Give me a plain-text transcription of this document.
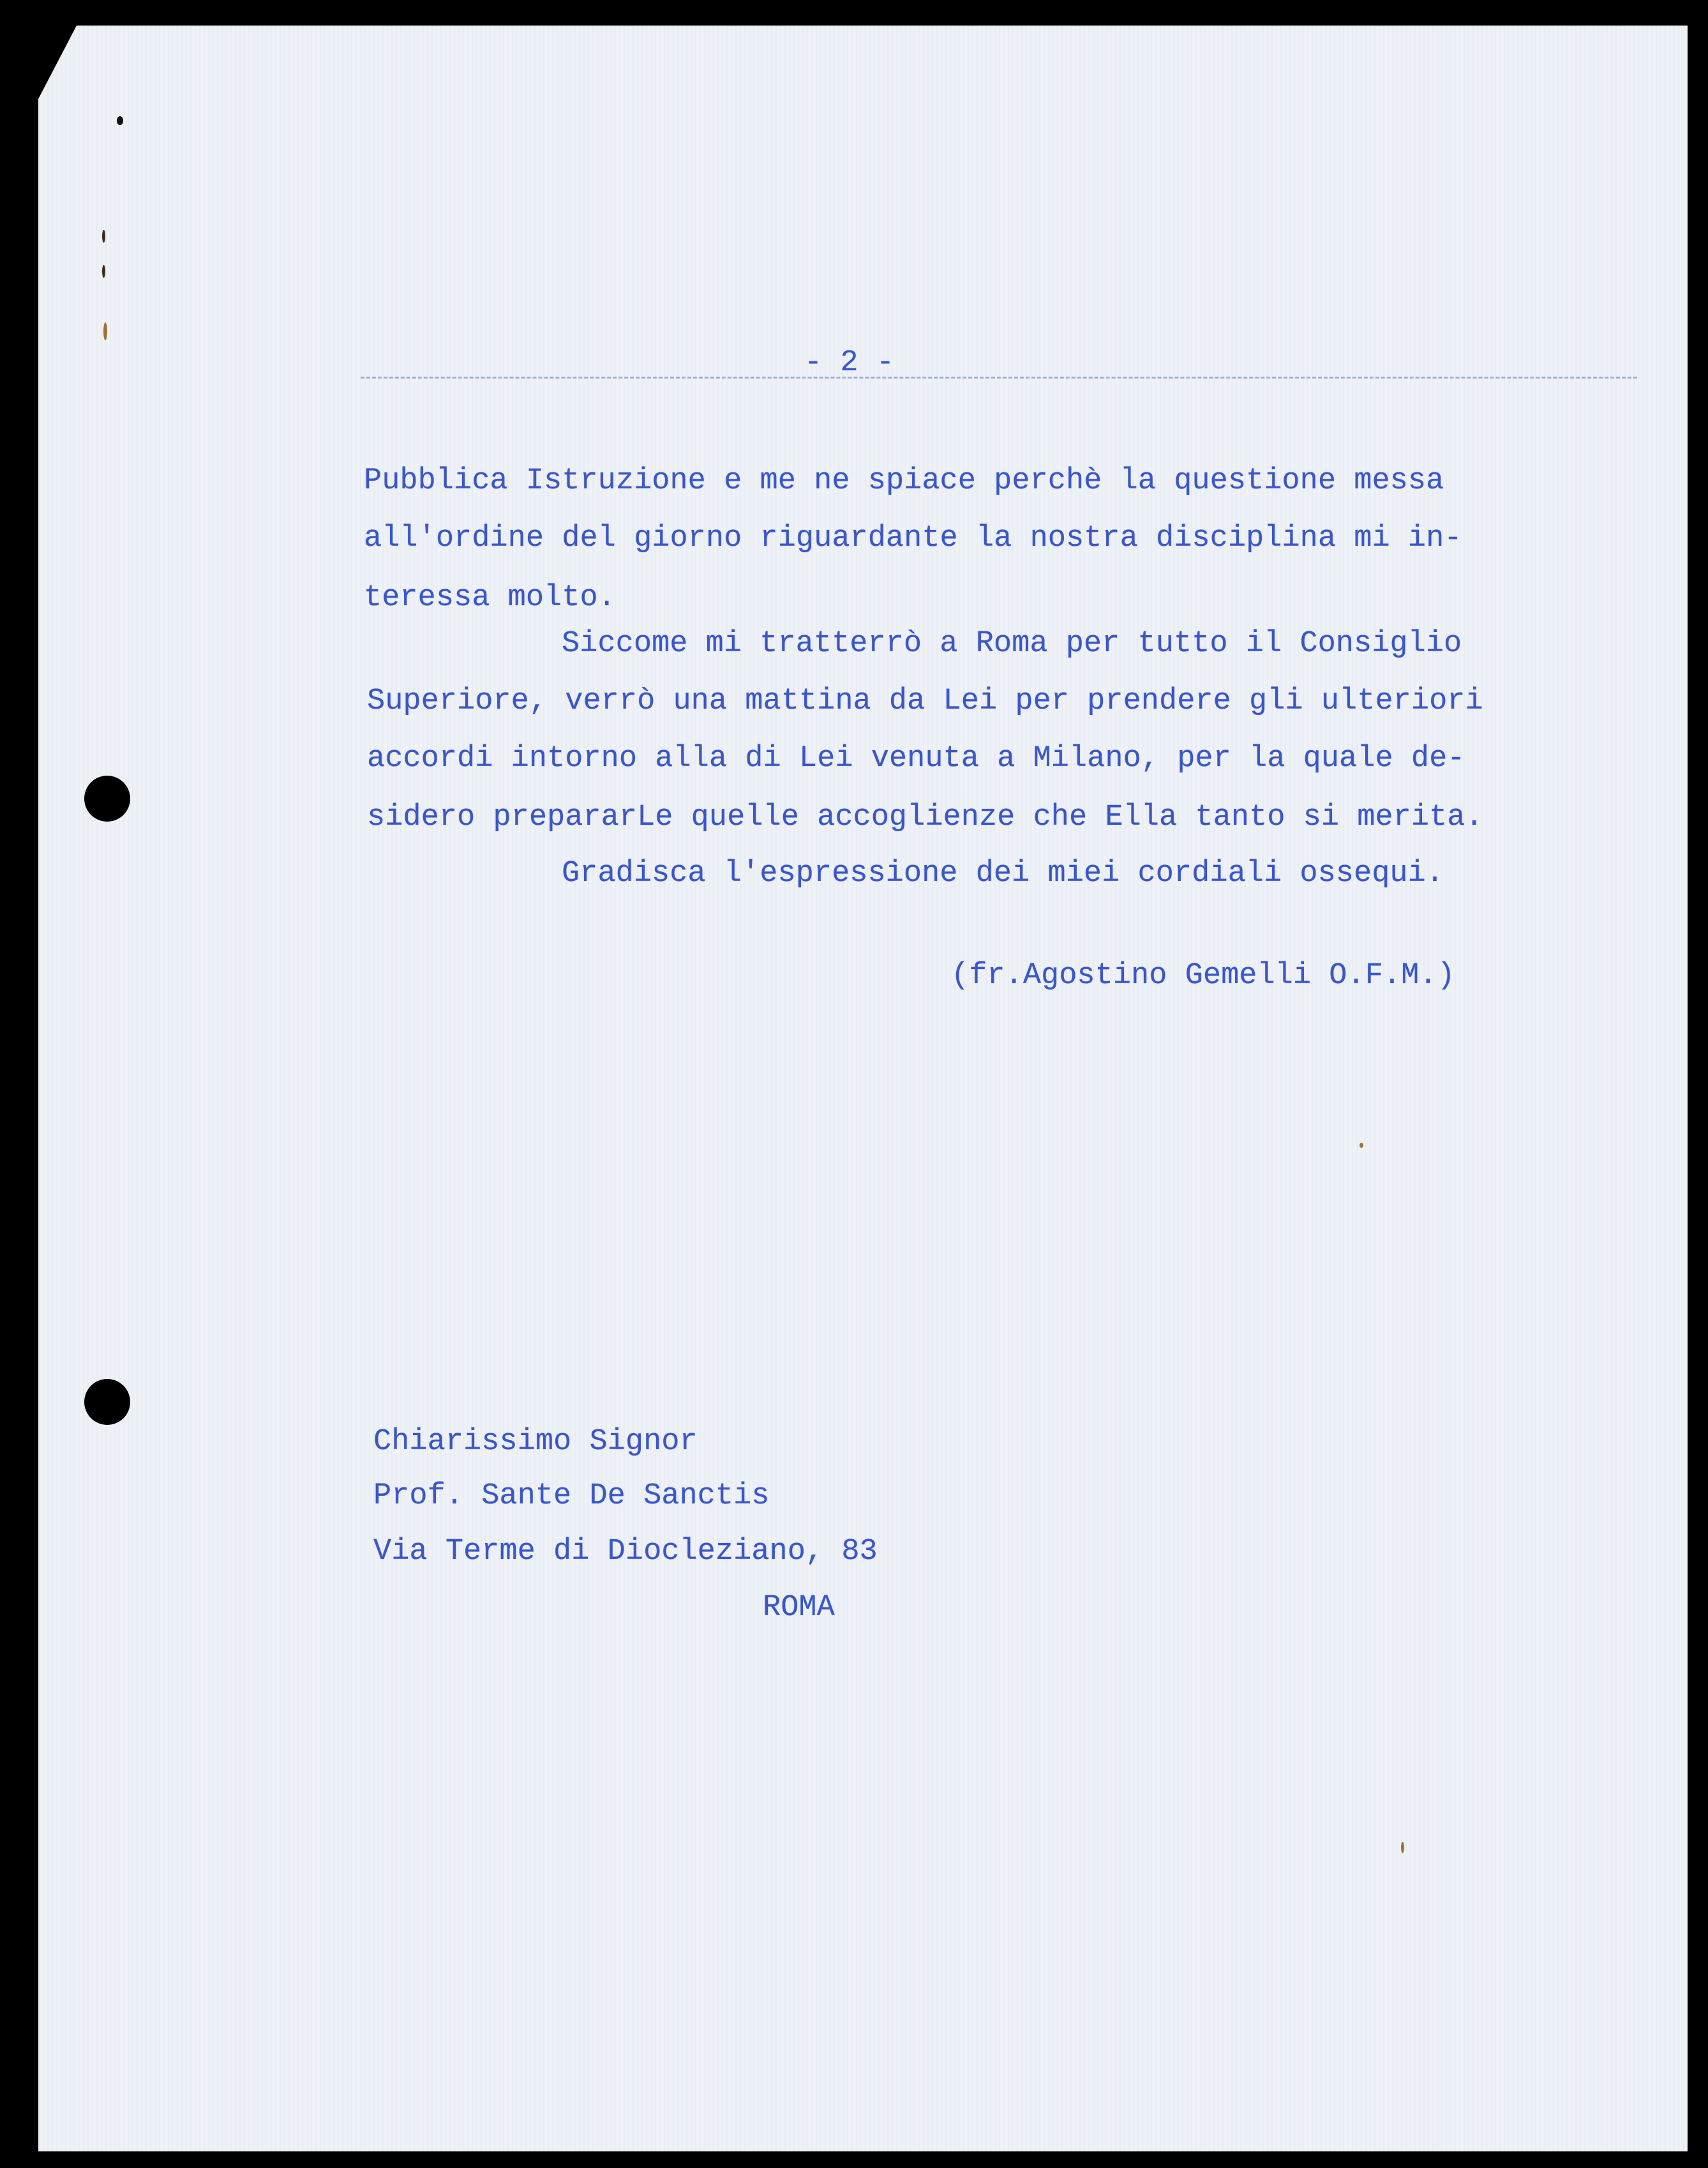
- 2 -
Pubblica Istruzione e me ne spiace perchè la questione messa
all'ordine del giorno riguardante la nostra disciplina mi in-
teressa molto.
Siccome mi tratterrò a Roma per tutto il Consiglio
Superiore, verrò una mattina da Lei per prendere gli ulteriori
accordi intorno alla di Lei venuta a Milano, per la quale de-
sidero prepararLe quelle accoglienze che Ella tanto si merita.
Gradisca l'espressione dei miei cordiali ossequi.
(fr.Agostino Gemelli O.F.M.)
Chiarissimo Signor
Prof. Sante De Sanctis
Via Terme di Diocleziano, 83
ROMA
